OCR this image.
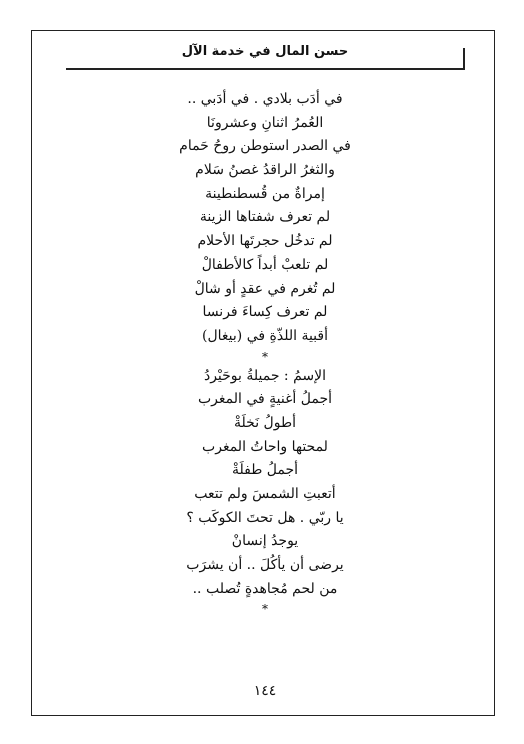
حسن المال في خدمة الآل
في أدَب بلادي . في أدَبي ..
العُمرُ اثنانِ وعشرونَا
في الصدر استوطن روحُ حَمام
والثغرُ الراقدُ غصنُ سَلام
إمراةٌ من قُسطنطينة
لم تعرف شفتاها الزينة
لم تدخُل حجرتَها الأحلام
لم تلعبْ أبداً كالأطفالْ
لم تُغرم في عقدٍ أو شالْ
لم تعرف كِساءَ فرنسا
أقبية اللذّةِ في (بيغال)
*
الإسمُ : جميلةُ بوحَيْردُ
أجملُ أغنيةٍ في المغرب
أطولُ نَخلَةْ
لمحتها واحاتُ المغرب
أجملُ طفلَةْ
أتعبتِ الشمسَ ولم تتعب
يا ربّي . هل تحتَ الكوكَب ؟
يوجدُ إنسانْ
يرضى أن يأكُلَ .. أن يشرَب
من لحم مُجاهدةٍ تُصلب ..
*
١٤٤
